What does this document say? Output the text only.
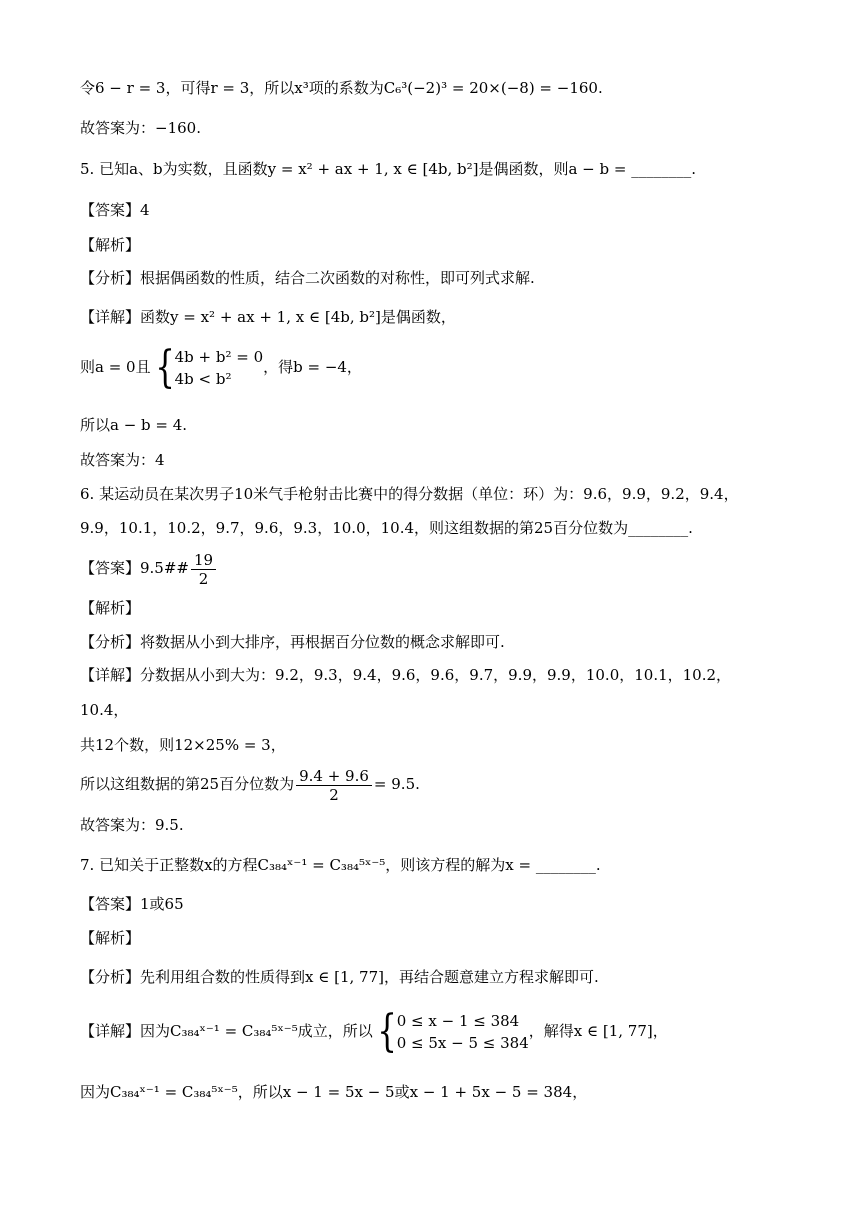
令6 − r = 3，可得r = 3，所以x³项的系数为C₆³(−2)³ = 20×(−8) = −160.
故答案为：−160.
5. 已知a、b为实数，且函数y = x² + ax + 1, x ∈ [4b, b²]是偶函数，则a − b = ________.
【答案】4
【解析】
【分析】根据偶函数的性质，结合二次函数的对称性，即可列式求解.
【详解】函数y = x² + ax + 1, x ∈ [4b, b²]是偶函数，
则a = 0且{ 4b + b² = 0
4b < b²
，得b = −4，
所以a − b = 4.
故答案为：4
6. 某运动员在某次男子10米气手枪射击比赛中的得分数据（单位：环）为：9.6，9.9，9.2，9.4，
9.9，10.1，10.2，9.7，9.6，9.3，10.0，10.4，则这组数据的第25百分位数为________.
【答案】9.5## $\frac{19}{2}$
【解析】
【分析】将数据从小到大排序，再根据百分位数的概念求解即可.
【详解】分数据从小到大为：9.2，9.3，9.4，9.6，9.6，9.7，9.9，9.9，10.0，10.1，10.2，
10.4，
共12个数，则12×25% = 3，
所以这组数据的第25百分位数为 $\frac{9.4 + 9.6}{2} = 9.5$.
故答案为：9.5.
7. 已知关于正整数x的方程C₃₈₄ˣ⁻¹ = C₃₈₄⁵ˣ⁻⁵，则该方程的解为x = ________.
【答案】1或65
【解析】
【分析】先利用组合数的性质得到x ∈ [1, 77]，再结合题意建立方程求解即可.
【详解】因为C₃₈₄ˣ⁻¹ = C₃₈₄⁵ˣ⁻⁵成立，所以{ 0 ≤ x − 1 ≤ 384
0 ≤ 5x − 5 ≤ 384
，解得x ∈ [1, 77]，
因为C₃₈₄ˣ⁻¹ = C₃₈₄⁵ˣ⁻⁵，所以x − 1 = 5x − 5或x − 1 + 5x − 5 = 384，
